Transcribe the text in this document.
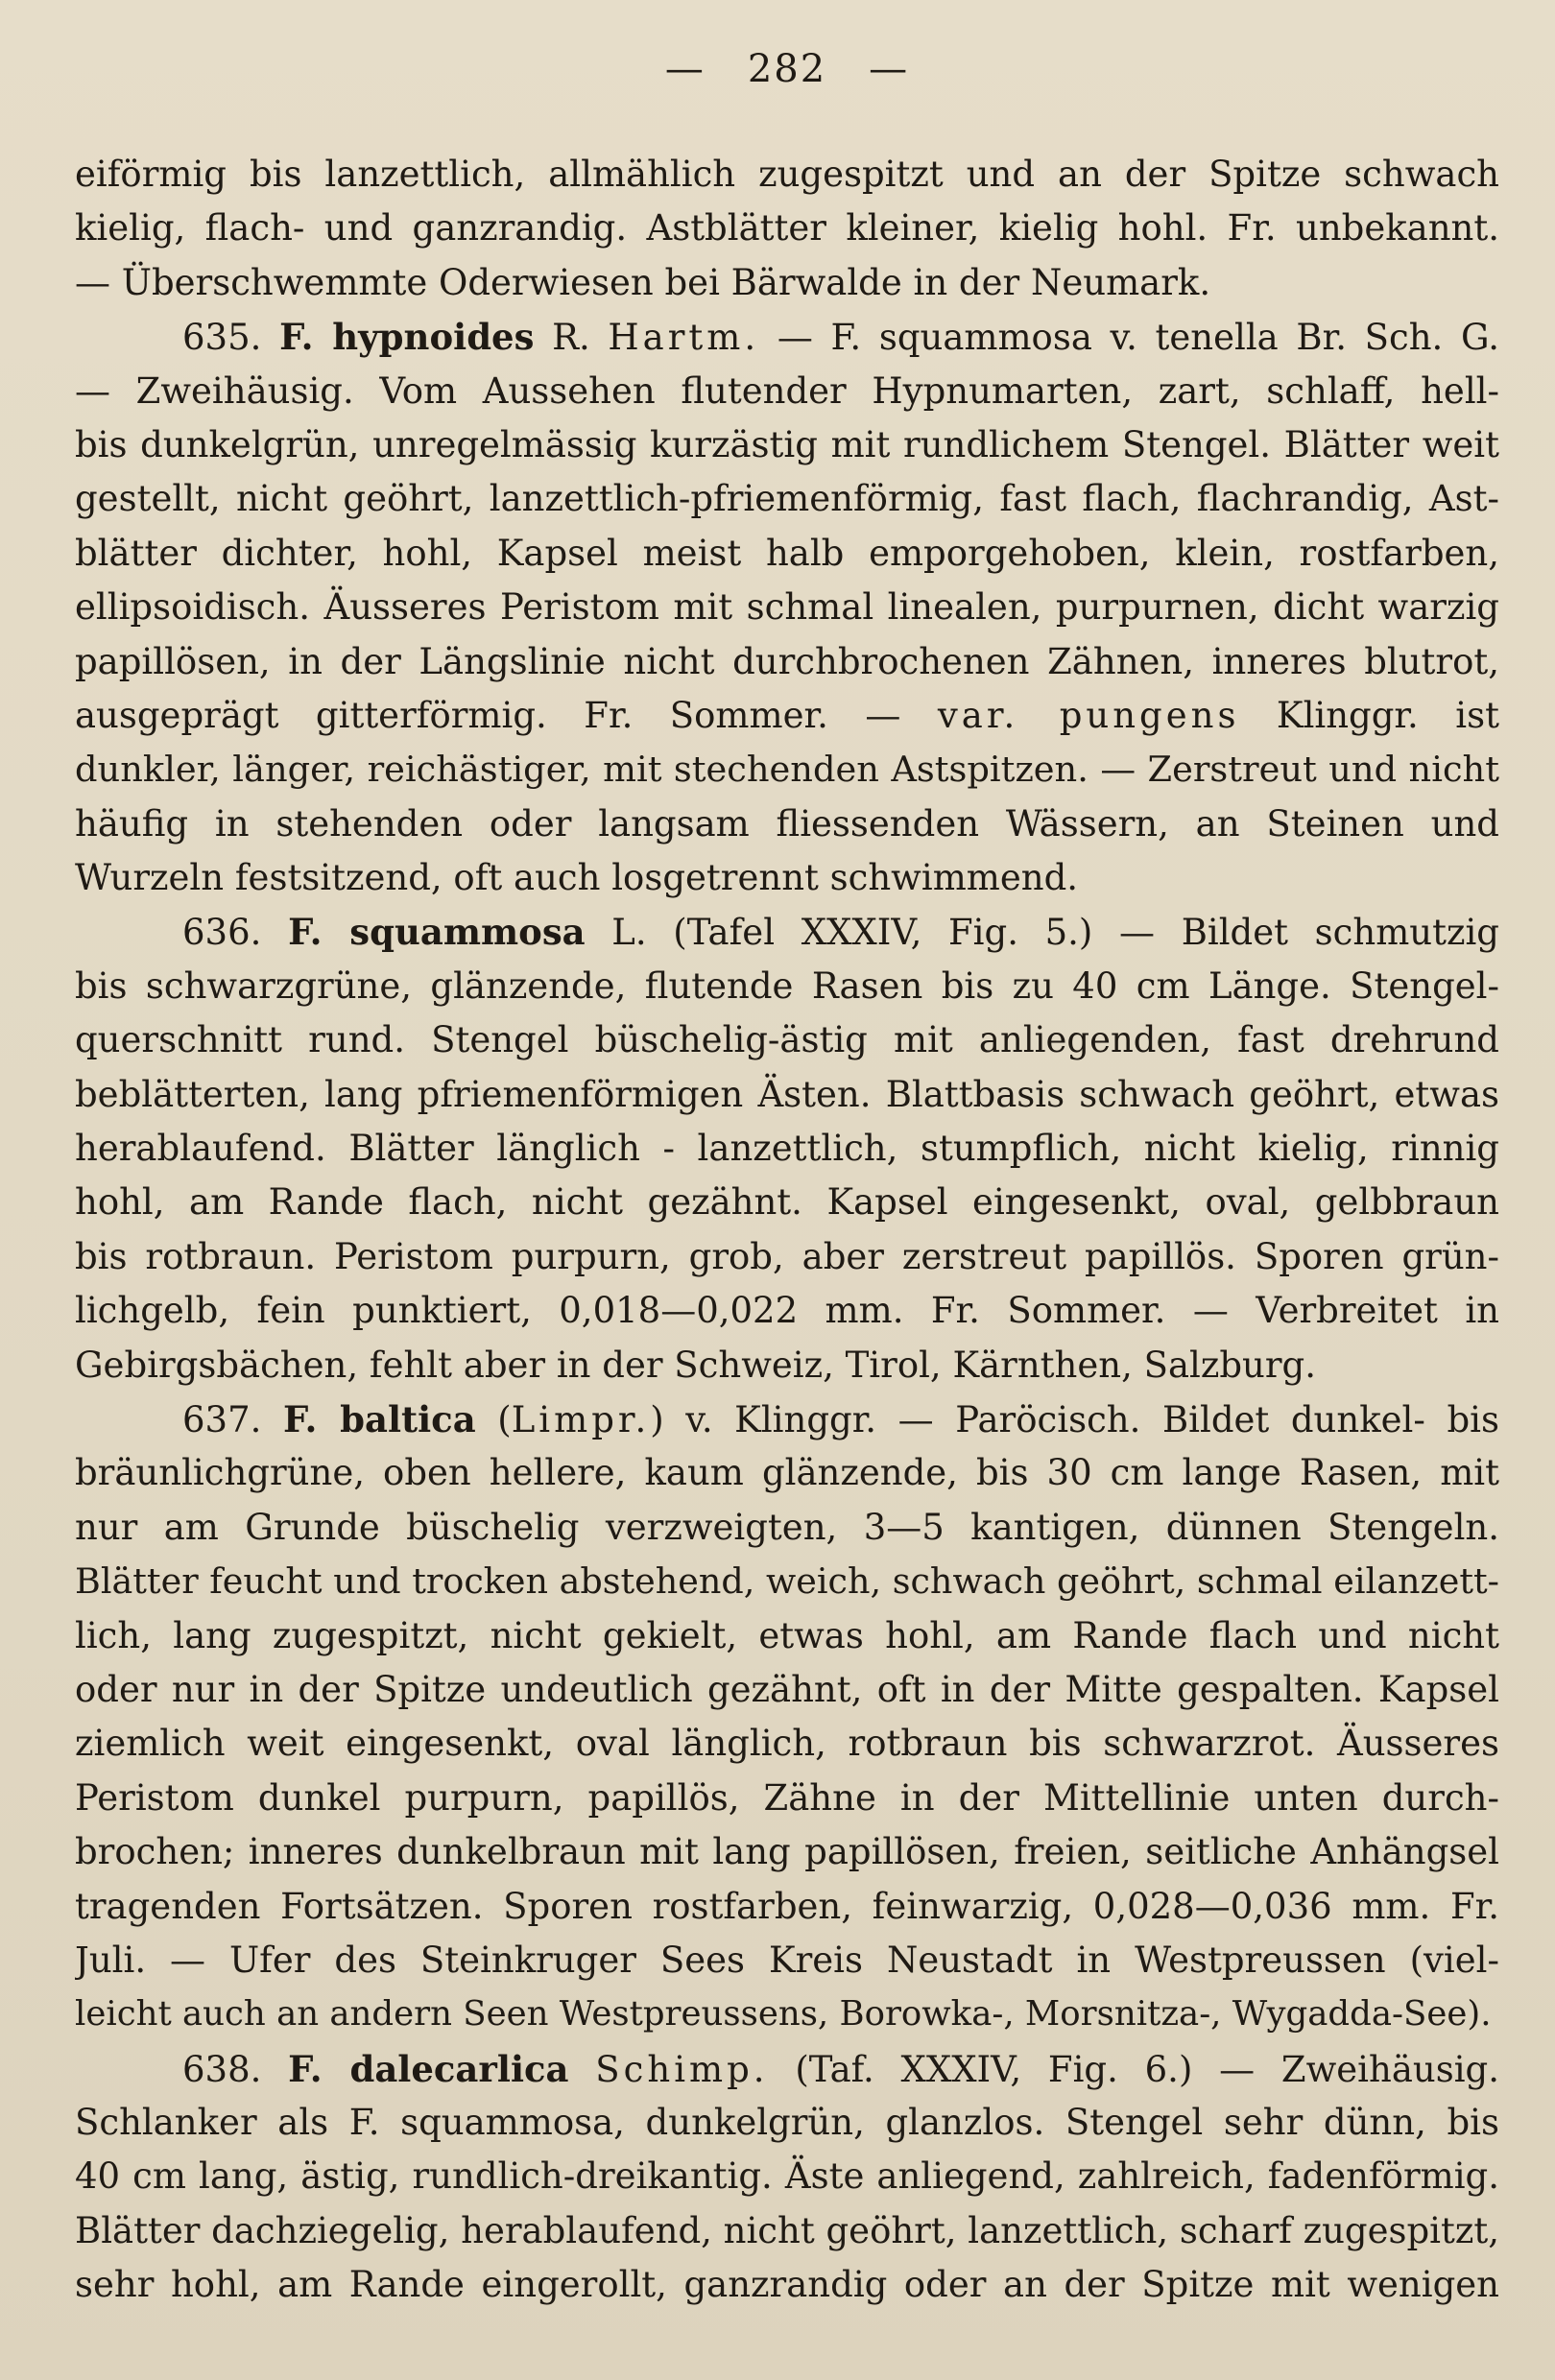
— 282 —
eiförmig bis lanzettlich, allmählich zugespitzt und an der Spitze schwach
kielig, flach- und ganzrandig. Astblätter kleiner, kielig hohl. Fr. unbekannt.
— Überschwemmte Oderwiesen bei Bärwalde in der Neumark.
635. F. hypnoides R. Hartm. — F. squammosa v. tenella Br. Sch. G.
— Zweihäusig. Vom Aussehen flutender Hypnumarten, zart, schlaff, hell-
bis dunkelgrün, unregelmässig kurzästig mit rundlichem Stengel. Blätter weit
gestellt, nicht geöhrt, lanzettlich-pfriemenförmig, fast flach, flachrandig, Ast-
blätter dichter, hohl, Kapsel meist halb emporgehoben, klein, rostfarben,
ellipsoidisch. Äusseres Peristom mit schmal linealen, purpurnen, dicht warzig
papillösen, in der Längslinie nicht durchbrochenen Zähnen, inneres blutrot,
ausgeprägt gitterförmig. Fr. Sommer. — var. pungens Klinggr. ist
dunkler, länger, reichästiger, mit stechenden Astspitzen. — Zerstreut und nicht
häufig in stehenden oder langsam fliessenden Wässern, an Steinen und
Wurzeln festsitzend, oft auch losgetrennt schwimmend.
636. F. squammosa L. (Tafel XXXIV, Fig. 5.) — Bildet schmutzig
bis schwarzgrüne, glänzende, flutende Rasen bis zu 40 cm Länge. Stengel-
querschnitt rund. Stengel büschelig-ästig mit anliegenden, fast drehrund
beblätterten, lang pfriemenförmigen Ästen. Blattbasis schwach geöhrt, etwas
herablaufend. Blätter länglich - lanzettlich, stumpflich, nicht kielig, rinnig
hohl, am Rande flach, nicht gezähnt. Kapsel eingesenkt, oval, gelbbraun
bis rotbraun. Peristom purpurn, grob, aber zerstreut papillös. Sporen grün-
lichgelb, fein punktiert, 0,018—0,022 mm. Fr. Sommer. — Verbreitet in
Gebirgsbächen, fehlt aber in der Schweiz, Tirol, Kärnthen, Salzburg.
637. F. baltica (Limpr.) v. Klinggr. — Paröcisch. Bildet dunkel- bis
bräunlichgrüne, oben hellere, kaum glänzende, bis 30 cm lange Rasen, mit
nur am Grunde büschelig verzweigten, 3—5 kantigen, dünnen Stengeln.
Blätter feucht und trocken abstehend, weich, schwach geöhrt, schmal eilanzett-
lich, lang zugespitzt, nicht gekielt, etwas hohl, am Rande flach und nicht
oder nur in der Spitze undeutlich gezähnt, oft in der Mitte gespalten. Kapsel
ziemlich weit eingesenkt, oval länglich, rotbraun bis schwarzrot. Äusseres
Peristom dunkel purpurn, papillös, Zähne in der Mittellinie unten durch-
brochen; inneres dunkelbraun mit lang papillösen, freien, seitliche Anhängsel
tragenden Fortsätzen. Sporen rostfarben, feinwarzig, 0,028—0,036 mm. Fr.
Juli. — Ufer des Steinkruger Sees Kreis Neustadt in Westpreussen (viel-
leicht auch an andern Seen Westpreussens, Borowka-, Morsnitza-, Wygadda-See).
638. F. dalecarlica Schimp. (Taf. XXXIV, Fig. 6.) — Zweihäusig.
Schlanker als F. squammosa, dunkelgrün, glanzlos. Stengel sehr dünn, bis
40 cm lang, ästig, rundlich-dreikantig. Äste anliegend, zahlreich, fadenförmig.
Blätter dachziegelig, herablaufend, nicht geöhrt, lanzettlich, scharf zugespitzt,
sehr hohl, am Rande eingerollt, ganzrandig oder an der Spitze mit wenigen
